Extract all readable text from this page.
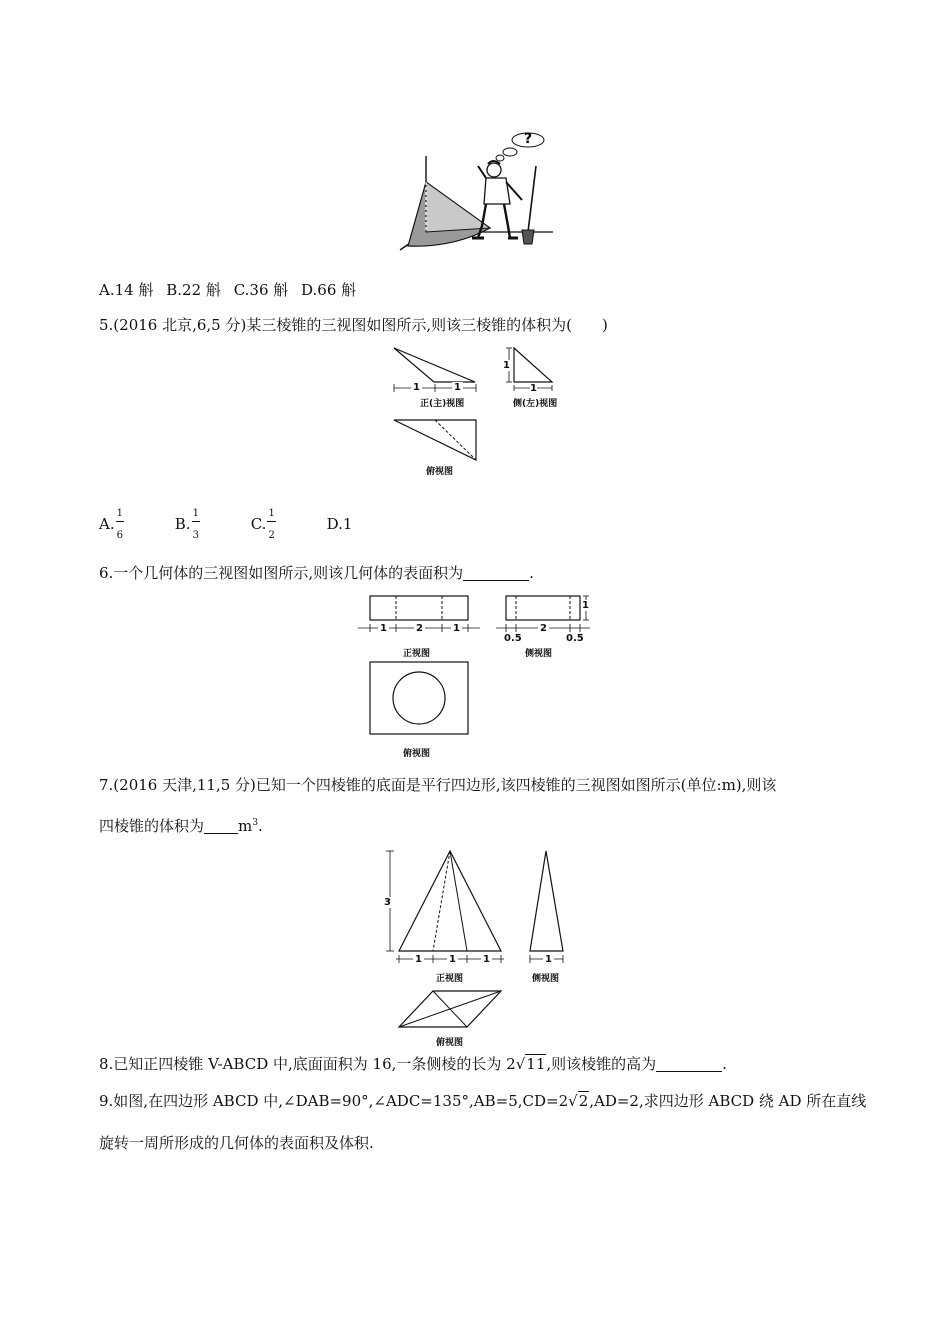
?
A.14 斛 B.22 斛 C.36 斛 D.66 斛
5.(2016 北京,6,5 分)某三棱锥的三视图如图所示,则该三棱锥的体积为(　　)
正(主)视图	侧(左)视图
俯视图
1
1
1	1
A. $\frac{1}{6}$	B. $\frac{1}{3}$	C. $\frac{1}{2}$	D.1
6.一个几何体的三视图如图所示,则该几何体的表面积为	.
1	2	1
0.5
2
0.5
1
正视图	侧视图
俯视图
7.(2016 天津,11,5 分)已知一个四棱锥的底面是平行四边形,该四棱锥的三视图如图所示(单位:m),则该
四棱锥的体积为 $m^3$.
3
1	1	1	1
正视图	侧视图
俯视图
8.已知正四棱锥 V-ABCD 中,底面面积为 16,一条侧棱的长为 2√11,则该棱锥的高为	.
9.如图,在四边形 ABCD 中,∠DAB=90°,∠ADC=135°,AB=5,CD=2√2,AD=2,求四边形 ABCD 绕 AD 所在直线
旋转一周所形成的几何体的表面积及体积.
